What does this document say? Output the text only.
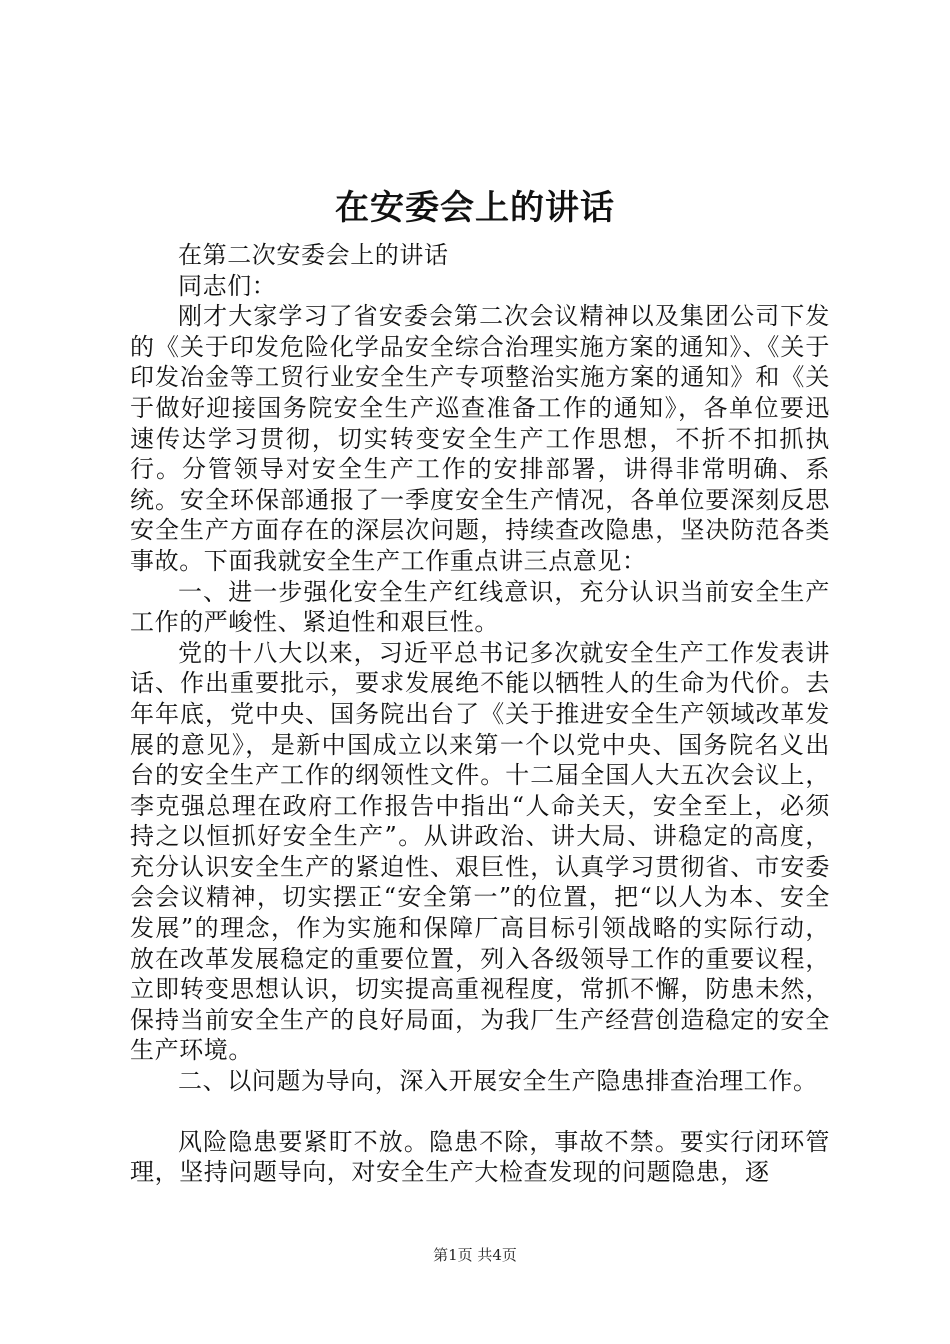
在安委会上的讲话

在第二次安委会上的讲话

同志们：

刚才大家学习了省安委会第二次会议精神以及集团公司下发的《关于印发危险化学品安全综合治理实施方案的通知》、《关于印发冶金等工贸行业安全生产专项整治实施方案的通知》和《关于做好迎接国务院安全生产巡查准备工作的通知》，各单位要迅速传达学习贯彻，切实转变安全生产工作思想，不折不扣抓执行。分管领导对安全生产工作的安排部署，讲得非常明确、系统。安全环保部通报了一季度安全生产情况，各单位要深刻反思安全生产方面存在的深层次问题，持续查改隐患，坚决防范各类事故。下面我就安全生产工作重点讲三点意见：

一、进一步强化安全生产红线意识，充分认识当前安全生产工作的严峻性、紧迫性和艰巨性。

党的十八大以来，习近平总书记多次就安全生产工作发表讲话、作出重要批示，要求发展绝不能以牺牲人的生命为代价。去年年底，党中央、国务院出台了《关于推进安全生产领域改革发展的意见》，是新中国成立以来第一个以党中央、国务院名义出台的安全生产工作的纲领性文件。十二届全国人大五次会议上，李克强总理在政府工作报告中指出“人命关天，安全至上，必须持之以恒抓好安全生产”。从讲政治、讲大局、讲稳定的高度，充分认识安全生产的紧迫性、艰巨性，认真学习贯彻省、市安委会会议精神，切实摆正“安全第一”的位置，把“以人为本、安全发展”的理念，作为实施和保障厂高目标引领战略的实际行动，放在改革发展稳定的重要位置，列入各级领导工作的重要议程，立即转变思想认识，切实提高重视程度，常抓不懈，防患未然，保持当前安全生产的良好局面，为我厂生产经营创造稳定的安全生产环境。

二、以问题为导向，深入开展安全生产隐患排查治理工作。

风险隐患要紧盯不放。隐患不除，事故不禁。要实行闭环管理，坚持问题导向，对安全生产大检查发现的问题隐患，逐

第1页 共4页
